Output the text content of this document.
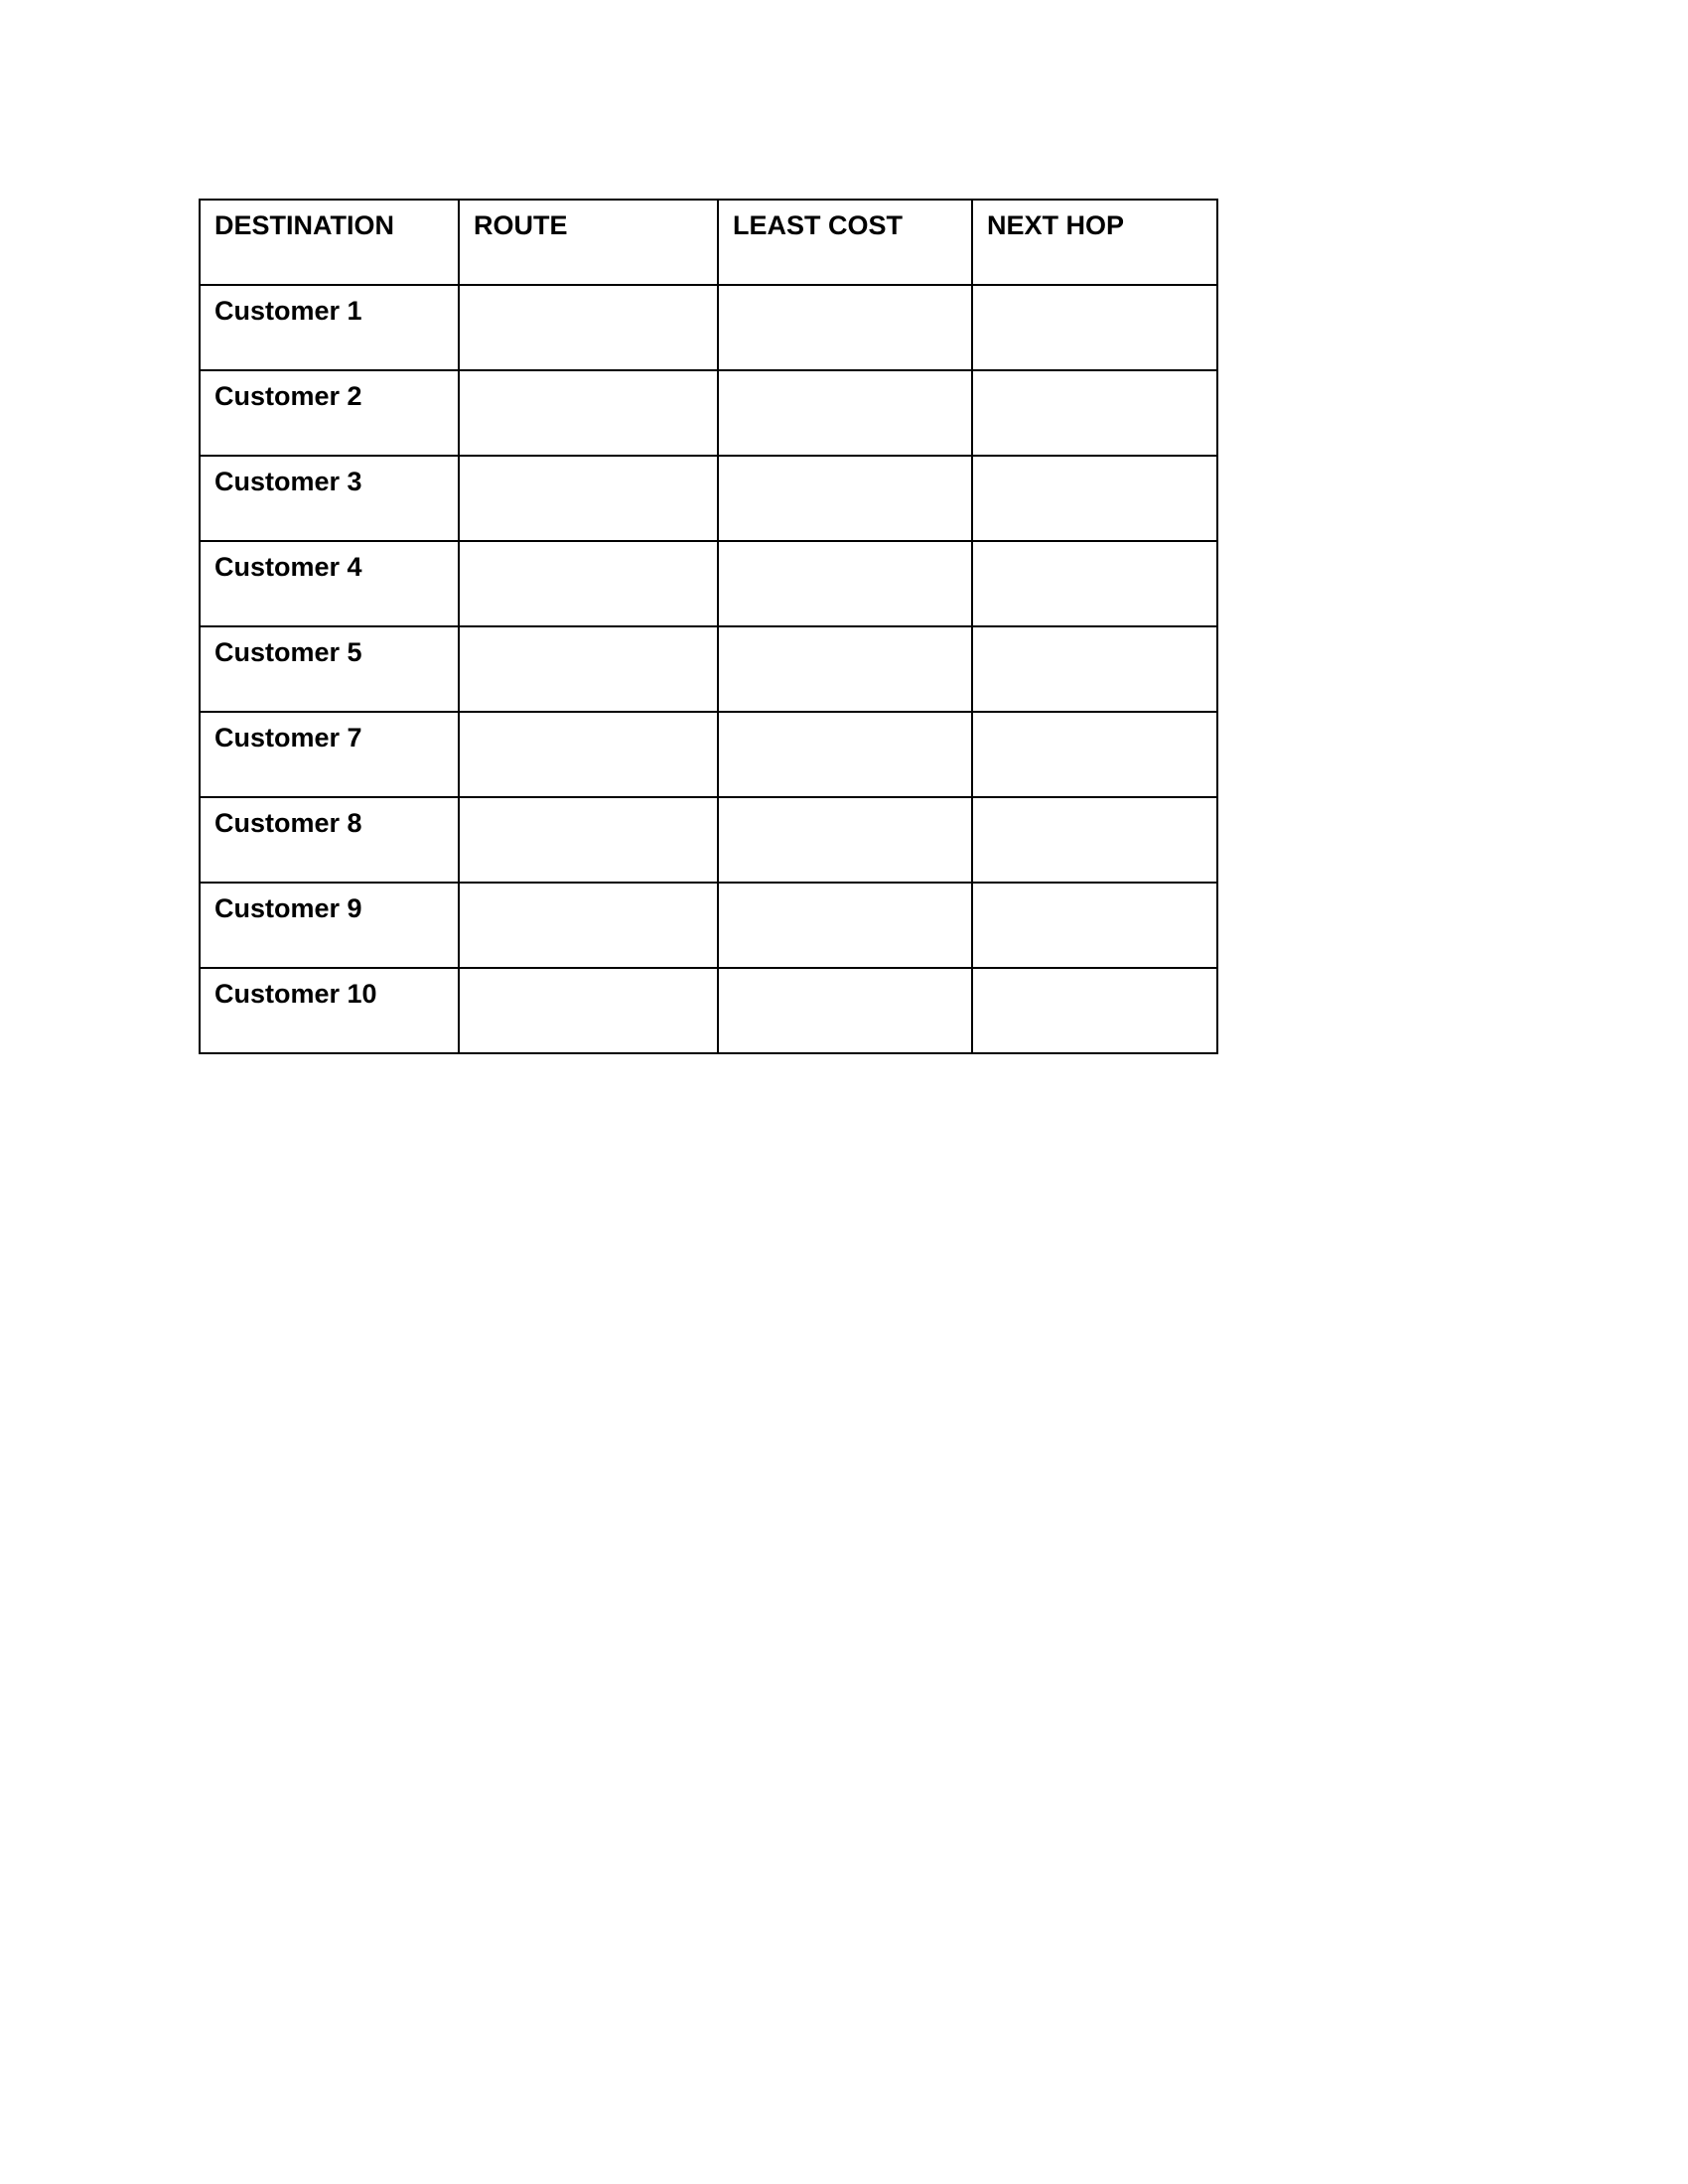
DESTINATION	ROUTE	LEAST COST	NEXT HOP
Customer 1			
Customer 2			
Customer 3			
Customer 4			
Customer 5			
Customer 7			
Customer 8			
Customer 9			
Customer 10			
